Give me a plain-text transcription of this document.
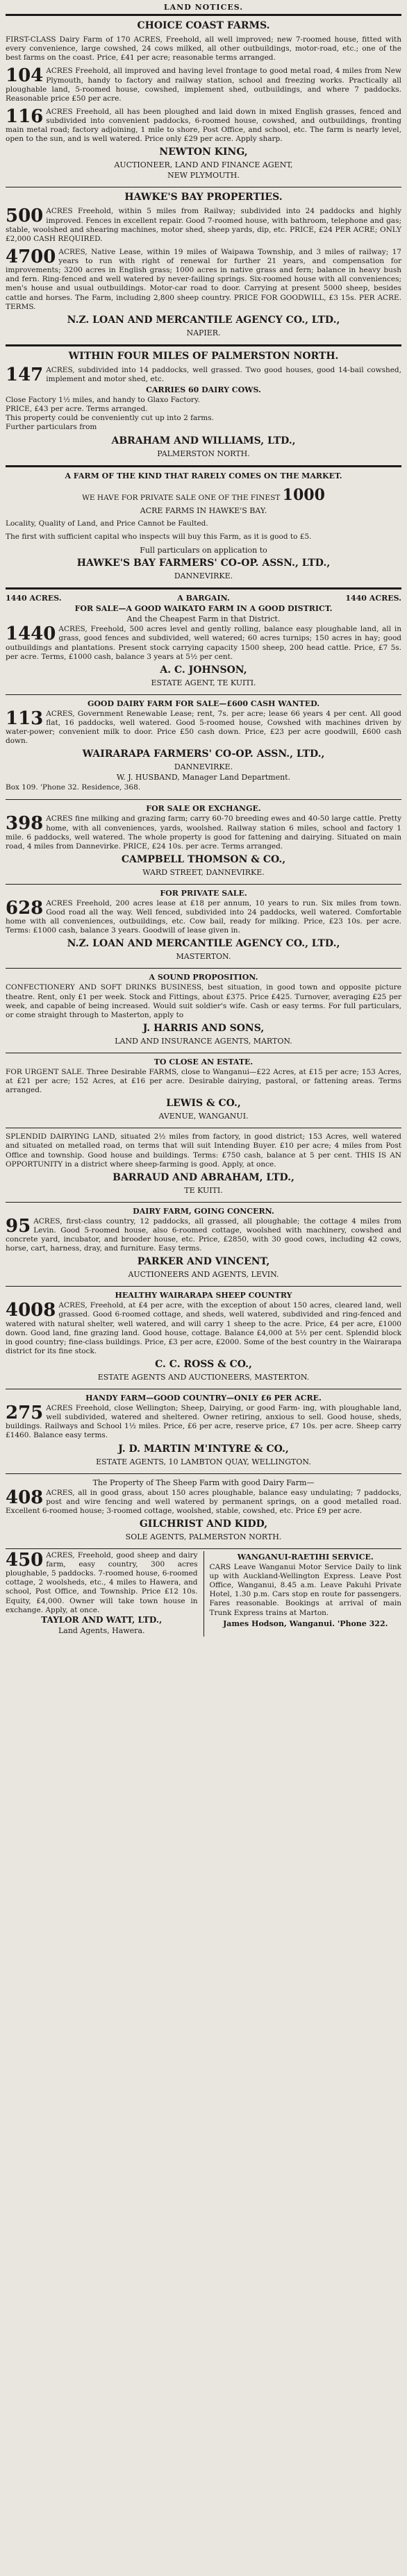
LAND NOTICES.
CHOICE COAST FARMS.
FIRST-CLASS Dairy Farm of 170 ACRES, Freehold, all well improved; new 7-roomed house, fitted with every convenience, large cowshed, 24 cows milked, all other outbuildings, motor-road, etc.; one of the best farms on the coast. Price, £41 per acre; reasonable terms arranged.
104 ACRES Freehold, all improved and having level frontage to good metal road, 4 miles from New Plymouth, handy to factory and railway station, school and freezing works. Practically all ploughable land, 5-roomed house, cowshed, implement shed, outbuildings, and where 7 paddocks. Reasonable price £50 per acre.
116 ACRES Freehold, all has been ploughed and laid down in mixed English grasses, fenced and subdivided into convenient paddocks, 6-roomed house, cowshed, and outbuildings, fronting main metal road; factory adjoining, 1 mile to shore, Post Office, and school, etc. The farm is nearly level, open to the sun, and is well watered. Price only £29 per acre. Apply sharp.
NEWTON KING,
AUCTIONEER, LAND AND FINANCE AGENT,
NEW PLYMOUTH.
HAWKE'S BAY PROPERTIES.
500 ACRES Freehold, within 5 miles from Railway; subdivided into 24 paddocks and highly improved. Fences in excellent repair. Good 7-roomed house, with bathroom, telephone and gas; stable, woolshed and shearing machines, motor shed, sheep yards, dip, etc. PRICE, £24 PER ACRE; ONLY £2,000 CASH REQUIRED.
4700 ACRES, Native Lease, within 19 miles of Waipawa Township, and 3 miles of railway; 17 years to run with right of renewal for further 21 years, and compensation for improvements; 3200 acres in English grass; 1000 acres in native grass and fern; balance in heavy bush and fern. Ring-fenced and well watered by never-failing springs. Six-roomed house with all conveniences; men's house and usual outbuildings. Motor-car road to door. Carrying at present 5000 sheep, besides cattle and horses. The Farm, including 2,800 sheep country. PRICE FOR GOODWILL, £3 15s. PER ACRE. TERMS.
N.Z. LOAN AND MERCANTILE AGENCY CO., LTD.,
NAPIER.
WITHIN FOUR MILES OF PALMERSTON NORTH.
147 ACRES, subdivided into 14 paddocks, well grassed. Two good houses, good 14-bail cowshed, implement and motor shed, etc.
CARRIES 60 DAIRY COWS.
Close Factory 1½ miles, and handy to Glaxo Factory.
PRICE, £43 per acre. Terms arranged.
This property could be conveniently cut up into 2 farms.
Further particulars from
ABRAHAM AND WILLIAMS, LTD.,
PALMERSTON NORTH.
A FARM OF THE KIND THAT RARELY COMES ON THE MARKET.
WE HAVE FOR PRIVATE SALE ONE OF THE FINEST 1000
ACRE FARMS IN HAWKE'S BAY.
Locality, Quality of Land, and Price Cannot be Faulted.
The first with sufficient capital who inspects will buy this Farm, as it is good to £5.
Full particulars on application to
HAWKE'S BAY FARMERS' CO-OP. ASSN., LTD.,
DANNEVIRKE.
1440 ACRES.	A BARGAIN.	1440 ACRES.
FOR SALE—A GOOD WAIKATO FARM IN A GOOD DISTRICT.
And the Cheapest Farm in that District.
1440 ACRES, Freehold, 500 acres level and gently rolling, balance easy ploughable land, all in grass, good fences and subdivided, well watered; 60 acres turnips; 150 acres in hay; good outbuildings and plantations. Present stock carrying capacity 1500 sheep, 200 head cattle. Price, £7 5s. per acre. Terms, £1000 cash, balance 3 years at 5½ per cent.
A. C. JOHNSON,
ESTATE AGENT, TE KUITI.
GOOD DAIRY FARM FOR SALE—£600 CASH WANTED.
113 ACRES, Government Renewable Lease; rent, 7s. per acre; lease 66 years 4 per cent. All good flat, 16 paddocks, well watered. Good 5-roomed house, Cowshed with machines driven by water-power; convenient milk to door. Price £50 cash down. Price, £23 per acre goodwill, £600 cash down.
WAIRARAPA FARMERS' CO-OP. ASSN., LTD.,
DANNEVIRKE.
W. J. HUSBAND, Manager Land Department.
Box 109. 'Phone 32. Residence, 368.
FOR SALE OR EXCHANGE.
398 ACRES fine milking and grazing farm; carry 60-70 breeding ewes and 40-50 large cattle. Pretty home, with all conveniences, yards, woolshed. Railway station 6 miles, school and factory 1 mile. 6 paddocks, well watered. The whole property is good for fattening and dairying. Situated on main road, 4 miles from Dannevirke. PRICE, £24 10s. per acre. Terms arranged.
CAMPBELL THOMSON & CO.,
WARD STREET, DANNEVIRKE.
FOR PRIVATE SALE.
628 ACRES Freehold, 200 acres lease at £18 per annum, 10 years to run. Six miles from town. Good road all the way. Well fenced, subdivided into 24 paddocks, well watered. Comfortable home with all conveniences, outbuildings, etc. Cow bail, ready for milking. Price, £23 10s. per acre. Terms: £1000 cash, balance 3 years. Goodwill of lease given in.
N.Z. LOAN AND MERCANTILE AGENCY CO., LTD.,
MASTERTON.
A SOUND PROPOSITION.
CONFECTIONERY AND SOFT DRINKS BUSINESS, best situation, in good town and opposite picture theatre. Rent, only £1 per week. Stock and Fittings, about £375. Price £425. Turnover, averaging £25 per week, and capable of being increased. Would suit soldier's wife. Cash or easy terms. For full particulars, or come straight through to Masterton, apply to
J. HARRIS AND SONS,
LAND AND INSURANCE AGENTS, MARTON.
TO CLOSE AN ESTATE.
FOR URGENT SALE. Three Desirable FARMS, close to Wanganui—£22 Acres, at £15 per acre; 153 Acres, at £21 per acre; 152 Acres, at £16 per acre. Desirable dairying, pastoral, or fattening areas. Terms arranged.
LEWIS & CO.,
AVENUE, WANGANUI.
SPLENDID DAIRYING LAND, situated 2½ miles from factory, in good district; 153 Acres, well watered and situated on metalled road, on terms that will suit Intending Buyer. £10 per acre; 4 miles from Post Office and township. Good house and buildings. Terms: £750 cash, balance at 5 per cent. THIS IS AN OPPORTUNITY in a district where sheep-farming is good. Apply, at once.
BARRAUD AND ABRAHAM, LTD.,
TE KUITI.
DAIRY FARM, GOING CONCERN.
95 ACRES, first-class country, 12 paddocks, all grassed, all ploughable; the cottage 4 miles from Levin. Good 5-roomed house, also 6-roomed cottage, woolshed with machinery, cowshed and concrete yard, incubator, and brooder house, etc. Price, £2850, with 30 good cows, including 42 cows, horse, cart, harness, dray, and furniture. Easy terms.
PARKER AND VINCENT,
AUCTIONEERS AND AGENTS, LEVIN.
HEALTHY WAIRARAPA SHEEP COUNTRY
4008 ACRES, Freehold, at £4 per acre, with the exception of about 150 acres, cleared land, well grassed. Good 6-roomed cottage, and sheds, well watered, subdivided and ring-fenced and watered with natural shelter, well watered, and will carry 1 sheep to the acre. Price, £4 per acre, £1000 down. Good land, fine grazing land. Good house, cottage. Balance £4,000 at 5½ per cent. Splendid block in good country; fine-class buildings. Price, £3 per acre, £2000. Some of the best country in the Wairarapa district for its fine stock.
C. C. ROSS & CO.,
ESTATE AGENTS AND AUCTIONEERS, MASTERTON.
HANDY FARM—GOOD COUNTRY—ONLY £6 PER ACRE.
275 ACRES Freehold, close Wellington; Sheep, Dairying, or good Farm- ing, with ploughable land, well subdivided, watered and sheltered. Owner retiring, anxious to sell. Good house, sheds, buildings. Railways and School 1½ miles. Price, £6 per acre, reserve price, £7 10s. per acre. Sheep carry £1460. Balance easy terms.
J. D. MARTIN M'INTYRE & CO.,
ESTATE AGENTS, 10 LAMBTON QUAY, WELLINGTON.
The Property of The Sheep Farm with good Dairy Farm—
408 ACRES, all in good grass, about 150 acres ploughable, balance easy undulating; 7 paddocks, post and wire fencing and well watered by permanent springs, on a good metalled road. Excellent 6-roomed house; 3-roomed cottage, woolshed, stable, cowshed, etc. Price £9 per acre.
GILCHRIST AND KIDD,
SOLE AGENTS, PALMERSTON NORTH.
450 ACRES, Freehold, good sheep and dairy farm, easy country, 300 acres ploughable, 5 paddocks. 7-roomed house, 6-roomed cottage, 2 woolsheds, etc., 4 miles to Hawera, and school, Post Office, and Township. Price £12 10s. Equity, £4,000. Owner will take town house in exchange. Apply, at once.
TAYLOR AND WATT, LTD.,
Land Agents, Hawera.
WANGANUI-RAETIHI SERVICE.
CARS Leave Wanganui Motor Service Daily to link up with Auckland-Wellington Express. Leave Post Office, Wanganui, 8.45 a.m. Leave Pakuhi Private Hotel, 1.30 p.m. Cars stop en route for passengers. Fares reasonable. Bookings at arrival of main Trunk Express trains at Marton.
James Hodson, Wanganui. 'Phone 322.
